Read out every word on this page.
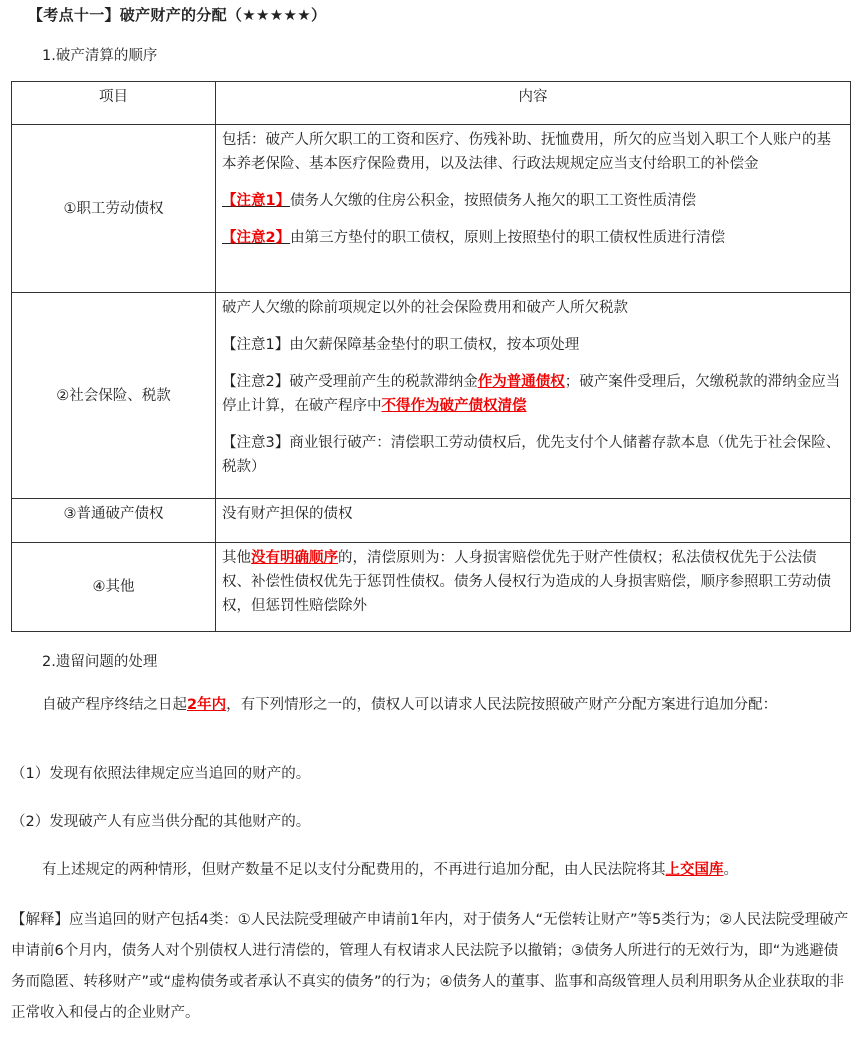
【考点十一】破产财产的分配（★★★★★）
1.破产清算的顺序
项目	内容
①职工劳动债权	包括：破产人所欠职工的工资和医疗、伤残补助、抚恤费用，所欠的应当划入职工个人账户的基本养老保险、基本医疗保险费用，以及法律、行政法规规定应当支付给职工的补偿金
【注意1】债务人欠缴的住房公积金，按照债务人拖欠的职工工资性质清偿
【注意2】由第三方垫付的职工债权，原则上按照垫付的职工债权性质进行清偿

②社会保险、税款	破产人欠缴的除前项规定以外的社会保险费用和破产人所欠税款
【注意1】由欠薪保障基金垫付的职工债权，按本项处理
【注意2】破产受理前产生的税款滞纳金作为普通债权；破产案件受理后，欠缴税款的滞纳金应当停止计算，在破产程序中不得作为破产债权清偿
【注意3】商业银行破产：清偿职工劳动债权后，优先支付个人储蓄存款本息（优先于社会保险、税款）

③普通破产债权	没有财产担保的债权

④其他	其他没有明确顺序的，清偿原则为：人身损害赔偿优先于财产性债权；私法债权优先于公法债权、补偿性债权优先于惩罚性债权。债务人侵权行为造成的人身损害赔偿，顺序参照职工劳动债权，但惩罚性赔偿除外
2.遗留问题的处理
自破产程序终结之日起2年内，有下列情形之一的，债权人可以请求人民法院按照破产财产分配方案进行追加分配：
（1）发现有依照法律规定应当追回的财产的。
（2）发现破产人有应当供分配的其他财产的。
有上述规定的两种情形，但财产数量不足以支付分配费用的，不再进行追加分配，由人民法院将其上交国库。
【解释】应当追回的财产包括4类：①人民法院受理破产申请前1年内，对于债务人“无偿转让财产”等5类行为；②人民法院受理破产申请前6个月内，债务人对个别债权人进行清偿的，管理人有权请求人民法院予以撤销；③债务人所进行的无效行为，即“为逃避债务而隐匿、转移财产”或“虚构债务或者承认不真实的债务”的行为；④债务人的董事、监事和高级管理人员利用职务从企业获取的非正常收入和侵占的企业财产。
